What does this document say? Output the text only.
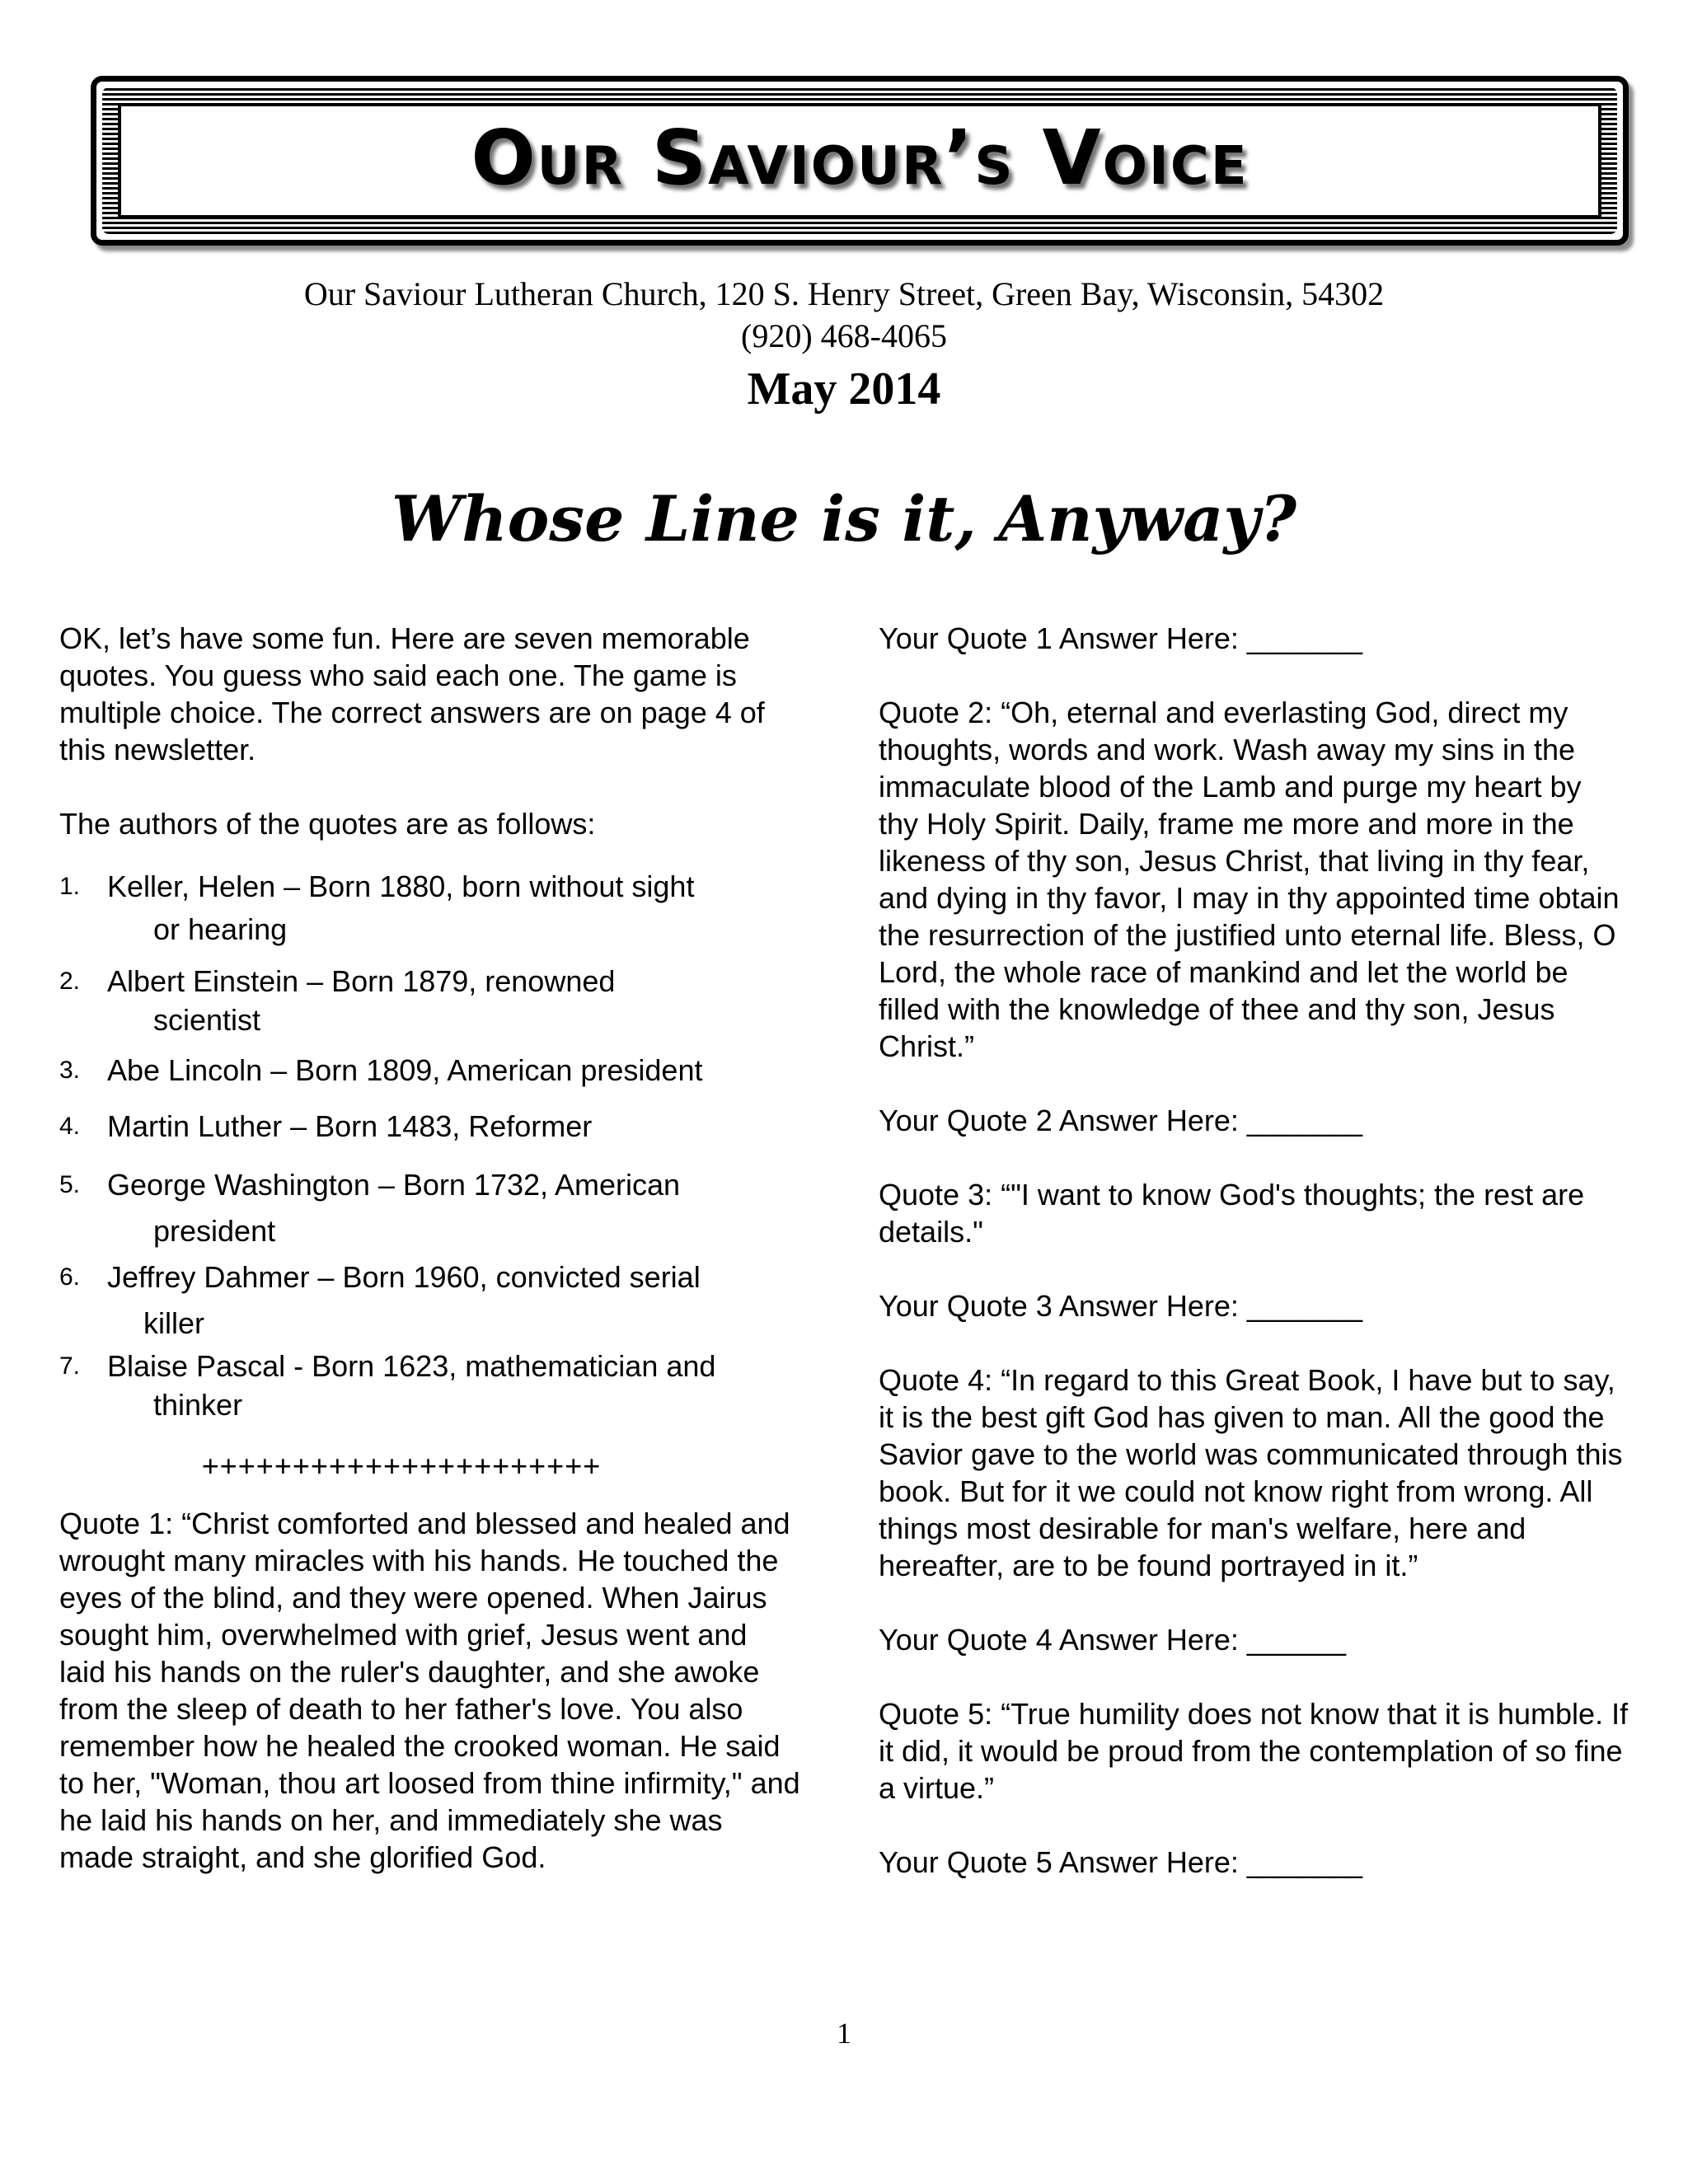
Our Saviour’s Voice
Our Saviour Lutheran Church, 120 S. Henry Street, Green Bay, Wisconsin, 54302
(920) 468-4065
May 2014
Whose Line is it, Anyway?

OK, let’s have some fun. Here are seven memorable quotes. You guess who said each one. The game is multiple choice. The correct answers are on page 4 of this newsletter.

The authors of the quotes are as follows:

1. Keller, Helen – Born 1880, born without sight
or hearing
2. Albert Einstein – Born 1879, renowned
scientist
3. Abe Lincoln – Born 1809, American president
4. Martin Luther – Born 1483, Reformer
5. George Washington – Born 1732, American
president
6. Jeffrey Dahmer – Born 1960, convicted serial
killer
7. Blaise Pascal - Born 1623, mathematician and
thinker
++++++++++++++++++++++

Quote 1: “Christ comforted and blessed and healed and wrought many miracles with his hands. He touched the eyes of the blind, and they were opened. When Jairus sought him, overwhelmed with grief, Jesus went and laid his hands on the ruler's daughter, and she awoke from the sleep of death to her father's love. You also remember how he healed the crooked woman. He said to her, "Woman, thou art loosed from thine infirmity," and he laid his hands on her, and immediately she was made straight, and she glorified God.

Your Quote 1 Answer Here: _______

Quote 2: “Oh, eternal and everlasting God, direct my thoughts, words and work. Wash away my sins in the immaculate blood of the Lamb and purge my heart by thy Holy Spirit. Daily, frame me more and more in the likeness of thy son, Jesus Christ, that living in thy fear, and dying in thy favor, I may in thy appointed time obtain the resurrection of the justified unto eternal life. Bless, O Lord, the whole race of mankind and let the world be filled with the knowledge of thee and thy son, Jesus Christ.”

Your Quote 2 Answer Here: _______

Quote 3: “"I want to know God's thoughts; the rest are details."

Your Quote 3 Answer Here: _______

Quote 4: “In regard to this Great Book, I have but to say, it is the best gift God has given to man. All the good the Savior gave to the world was communicated through this book. But for it we could not know right from wrong. All things most desirable for man's welfare, here and hereafter, are to be found portrayed in it.”

Your Quote 4 Answer Here: ______

Quote 5: “True humility does not know that it is humble. If it did, it would be proud from the contemplation of so fine a virtue.”

Your Quote 5 Answer Here: _______

1
